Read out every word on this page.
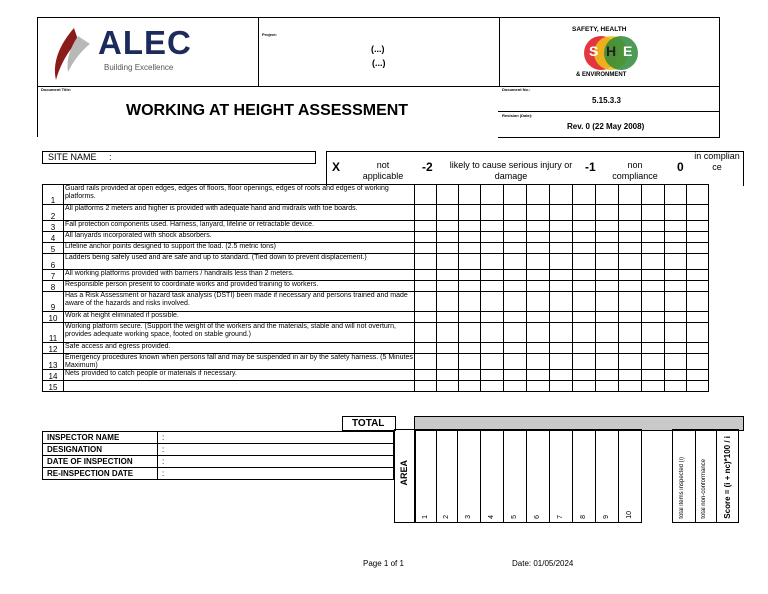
ALEC
Building Excellence
Project:
(...)
(...)
SAFETY, HEALTH
S H E
& ENVIRONMENT
Document Title:
WORKING AT HEIGHT ASSESSMENT
Document No.:
5.15.3.3
Revision (Date):
Rev. 0 (22 May 2008)
SITE NAME :
X	not applicable
-2	likely to cause serious injury or damage
-1	non compliance
0
in compliance
1	Guard rails provided at open edges, edges of floors, floor openings, edges of roofs and edges of working platforms.													
2	All platforms 2 meters and higher is provided with adequate hand and midrails with toe boards.													
3	Fall protection components used. Harness, lanyard, lifeline or retractable device.													
4	All lanyards incorporated with shock absorbers.													
5	Lifeline anchor points designed to support the load. (2.5 metric tons)													
6	Ladders being safely used and are safe and up to standard. (Tied down to prevent displacement.)													
7	All working platforms provided with barriers / handrails less than 2 meters.													
8	Responsible person present to coordinate works and provided training to workers.													
9	Has a Risk Assessment or hazard task analysis (DSTI) been made if necessary and persons trained and made aware of the hazards and risks involved.													
10	Work at height eliminated if possible.													
11	Working platform secure. (Support the weight of the workers and the materials, stable and will not overturn, provides adequate working space, footed on stable ground.)													
12	Safe access and egress provided.													
13	Emergency procedures known when persons fall and may be suspended in air by the safety harness. (5 Minutes Maximum)													
14	Nets provided to catch people or materials if necessary.													
15														
TOTAL
INSPECTOR NAME	:
DESIGNATION	:
DATE OF INSPECTION	:
RE-INSPECTION DATE	:	AREA
1 2 3 4 5 6 7 8 9 10	total items inspected (i)	total non-conformance Score = (i + nc)*100 / i
Page 1 of 1	Date: 01/05/2024
